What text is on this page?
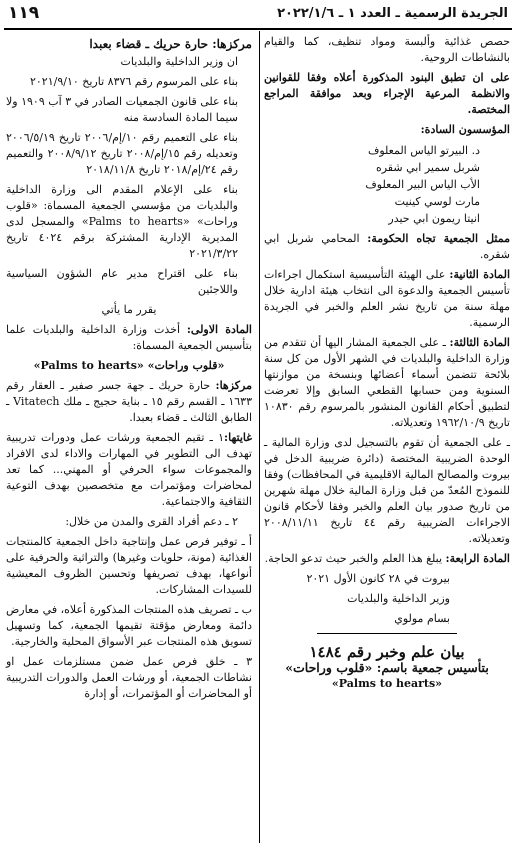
الجريدة الرسمية ـ العدد ١ ـ ٢٠٢٢/١/٦
١١٩

حصص غذائية وألبسة ومواد تنظيف، كما والقيام بالنشاطات الروحية.

على ان تطبق البنود المذكورة أعلاه وفقا للقوانين والانظمة المرعية الإجراء وبعد موافقة المراجع المختصة.

المؤسسون السادة:

د. البيرتو الياس المعلوف
شربل سمير ابي شقره
الأب الياس البير المعلوف
مارت لوسي كينيت
انيتا ريمون ابي حيدر

ممثل الجمعية تجاه الحكومة: المحامي شربل ابي شقره.

المادة الثانية: على الهيئة التأسيسية استكمال اجراءات تأسيس الجمعية والدعوة الى انتخاب هيئة ادارية خلال مهلة سنة من تاريخ نشر العلم والخبر في الجريدة الرسمية.

المادة الثالثة: ـ على الجمعية المشار اليها أن تتقدم من وزارة الداخلية والبلديات في الشهر الأول من كل سنة بلائحة تتضمن أسماء أعضائها وبنسخة من موازنتها السنوية ومن حسابها القطعي السابق وإلا تعرضت لتطبيق أحكام القانون المنشور بالمرسوم رقم ١٠٨٣٠ تاريخ ١٩٦٢/١٠/٩ وتعديلاته.

ـ على الجمعية أن تقوم بالتسجيل لدى وزارة المالية ـ الوحدة الضريبية المختصة (دائرة ضريبية الدخل في بيروت والمصالح المالية الاقليمية في المحافظات) وفقا للنموذج المُعدّ من قبل وزارة المالية خلال مهلة شهرين من تاريخ صدور بيان العلم والخبر وفقا لأحكام قانون الاجراءات الضريبية رقم ٤٤ تاريخ ٢٠٠٨/١١/١١ وتعديلاته.

المادة الرابعة: يبلغ هذا العلم والخبر حيث تدعو الحاجة.

بيروت في ٢٨ كانون الأول ٢٠٢١

وزير الداخلية والبلديات

بسام مولوي

بيان علم وخبر رقم ١٤٨٤
بتأسيس جمعية باسم: «قلوب وراحات»
«Palms to hearts»
مركزها: حارة حريك ـ قضاء بعبدا

ان وزير الداخلية والبلديات

بناء على المرسوم رقم ٨٣٧٦ تاريخ ٢٠٢١/٩/١٠

بناء على قانون الجمعيات الصادر في ٣ آب ١٩٠٩ ولا سيما المادة السادسة منه

بناء على التعميم رقم ١٠/إم/٢٠٠٦ تاريخ ٢٠٠٦/٥/١٩ وتعديله رقم ١٥/إم/٢٠٠٨ تاريخ ٢٠٠٨/٩/١٢ والتعميم رقم ٢٤/إم/٢٠١٨ تاريخ ٢٠١٨/١١/٨

بناء على الإعلام المقدم الى وزارة الداخلية والبلديات من مؤسسي الجمعية المسماة: «قلوب وراحات» «Palms to hearts» والمسجل لدى المديرية الإدارية المشتركة برقم ٤٠٢٤ تاريخ ٢٠٢١/٣/٢٢

بناء على اقتراح مدير عام الشؤون السياسية واللاجئين

يقرر ما يأتي

المادة الاولى: أخذت وزارة الداخلية والبلديات علما بتأسيس الجمعية المسماة:

«قلوب وراحات» «Palms to hearts»

مركزها: حارة حريك ـ جهة جسر صفير ـ العقار رقم ١٦٣٣ ـ القسم رقم ١٥ ـ بناية حجيج ـ ملك Vitatech ـ الطابق الثالث ـ قضاء بعبدا.

غايتها:١ ـ تقيم الجمعية ورشات عمل ودورات تدريبية تهدف الى التطوير في المهارات والاداء لدى الافراد والمجموعات سواء الحرفي أو المهني... كما تعد لمحاضرات ومؤتمرات مع متخصصين بهدف التوعية الثقافية والاجتماعية.

٢ ـ دعم أفراد القرى والمدن من خلال:

أ ـ توفير فرص عمل وإنتاجية داخل الجمعية كالمنتجات الغذائية (مونة، حلويات وغيرها) والتراثية والحرفية على أنواعها، بهدف تصريفها وتحسين الظروف المعيشية للسيدات المشاركات.

ب ـ تصريف هذه المنتجات المذكورة أعلاه، في معارض دائمة ومعارض مؤقتة تقيمها الجمعية، كما وتسهيل تسويق هذه المنتجات عبر الأسواق المحلية والخارجية.

٣ ـ خلق فرص عمل ضمن مستلزمات عمل او نشاطات الجمعية، أو ورشات العمل والدورات التدريبية أو المحاضرات أو المؤتمرات، أو إدارة
